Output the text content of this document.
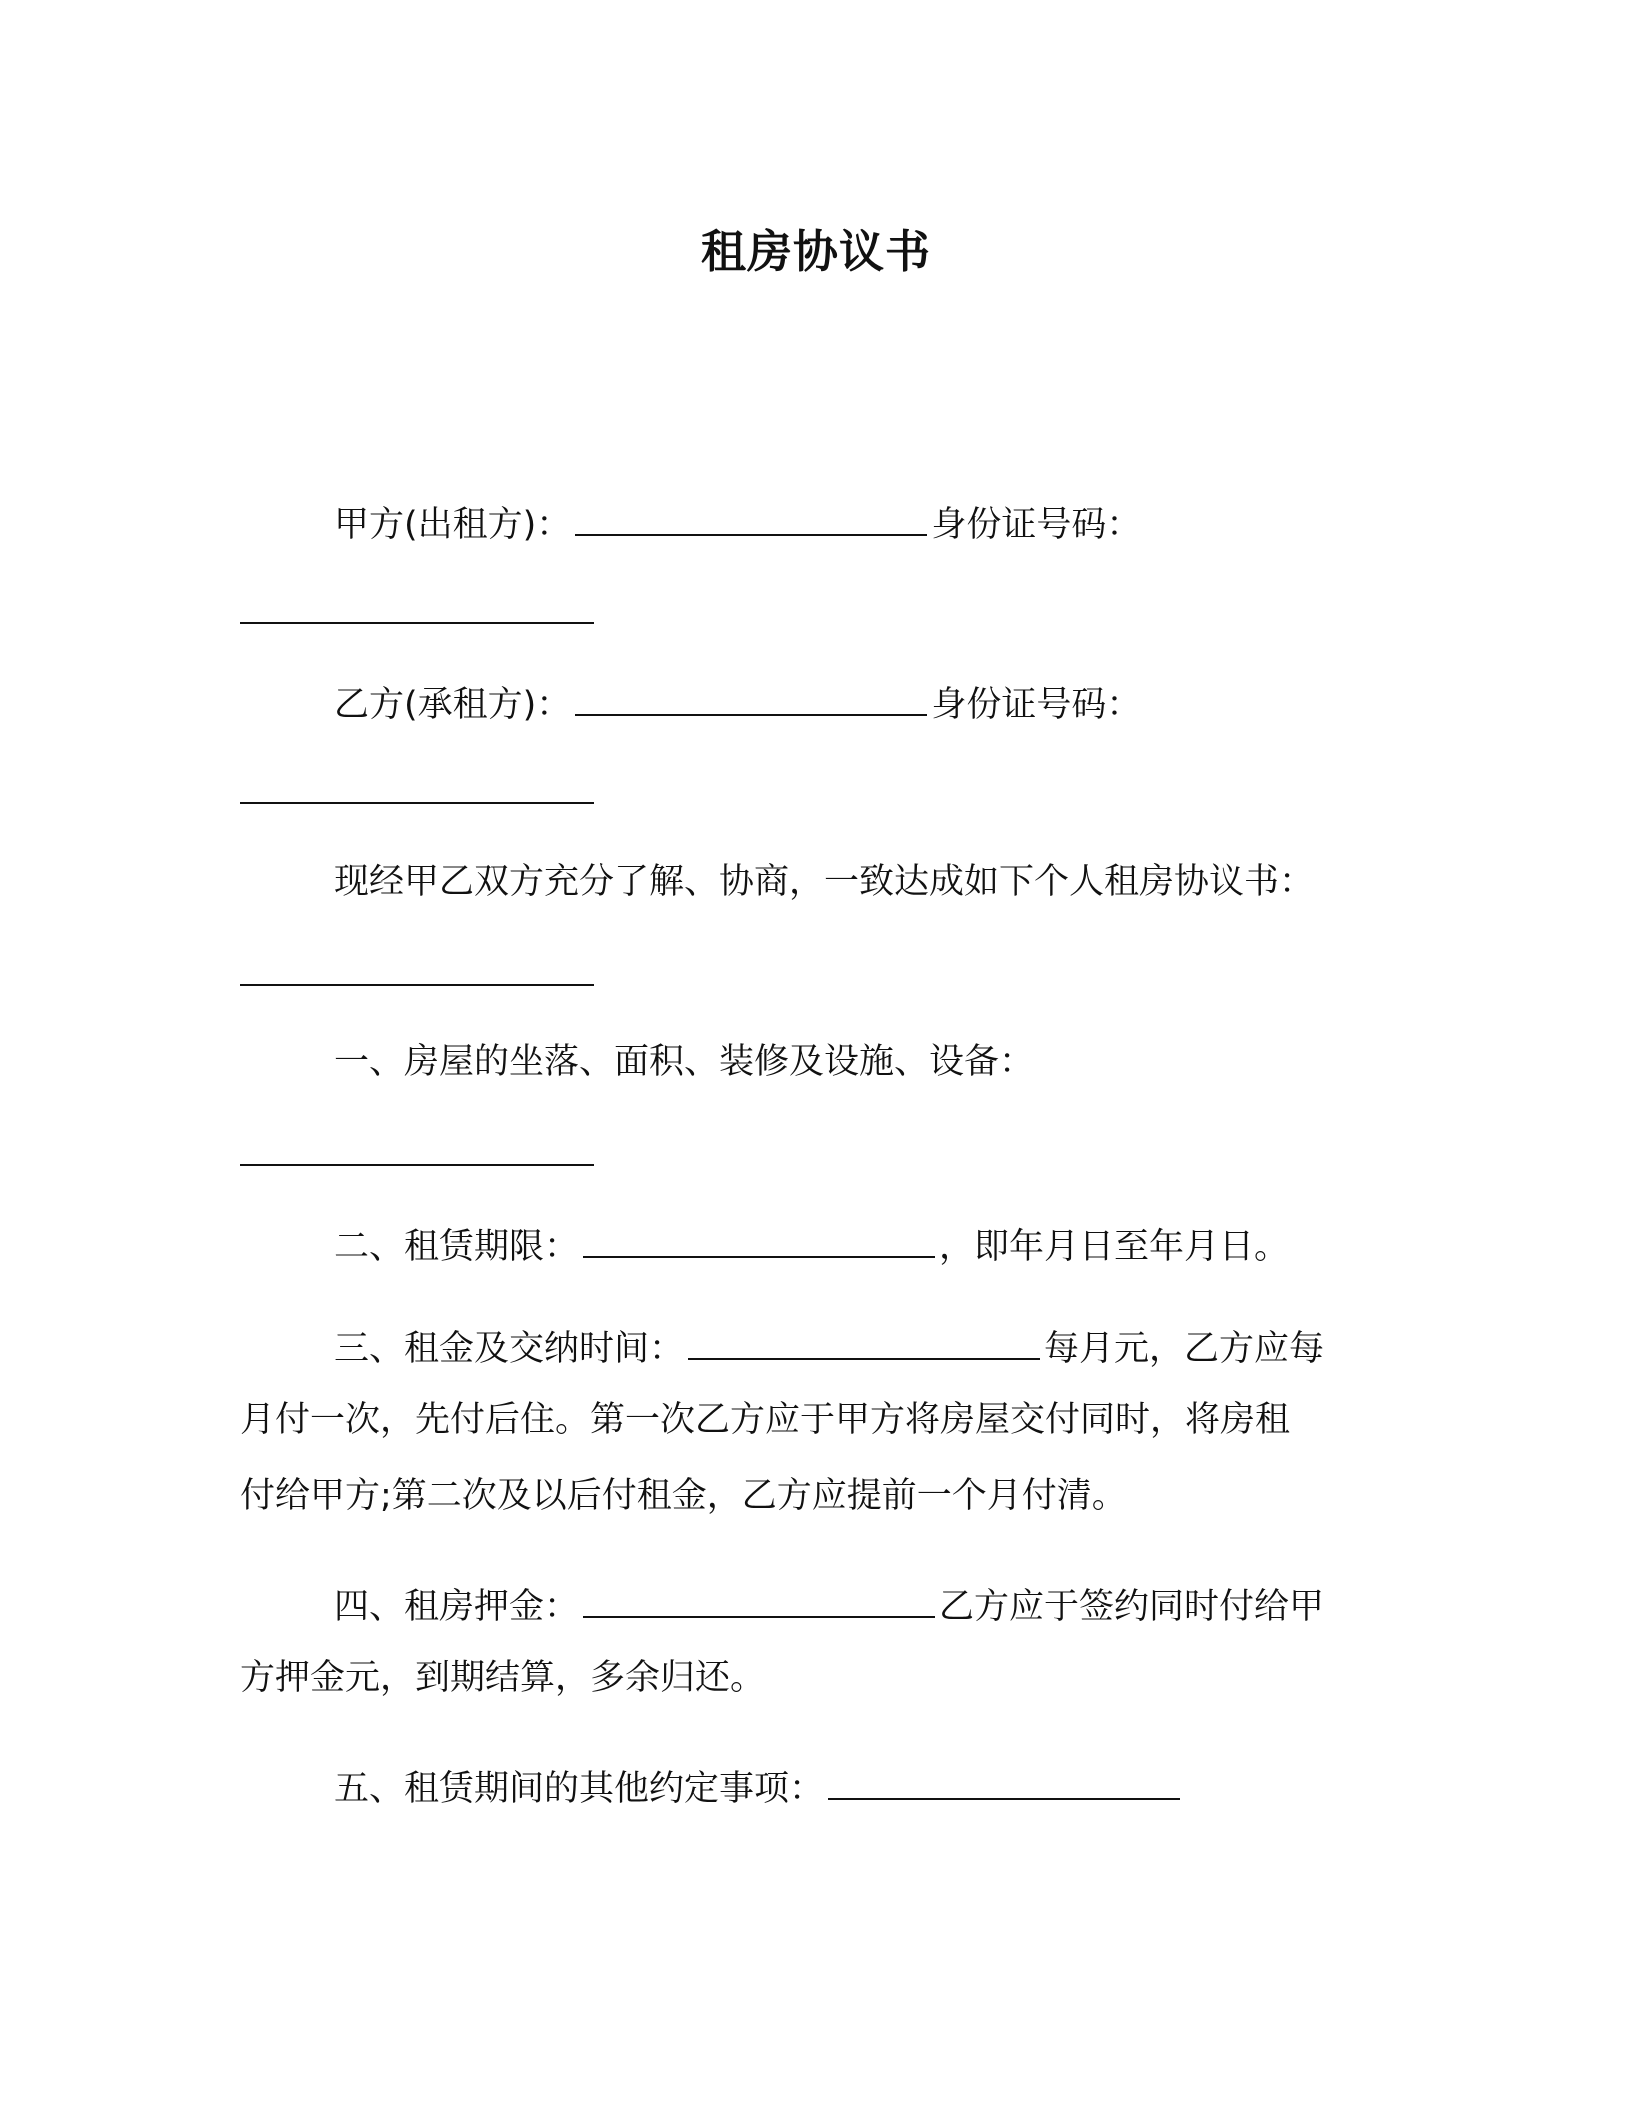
租房协议书
甲方(出租方)：	身份证号码：
乙方(承租方)：	身份证号码：
现经甲乙双方充分了解、协商，一致达成如下个人租房协议书：
一、房屋的坐落、面积、装修及设施、设备：
二、租赁期限：	，即年月日至年月日。
三、租金及交纳时间：	每月元，乙方应每
月付一次，先付后住。第一次乙方应于甲方将房屋交付同时，将房租
付给甲方;第二次及以后付租金，乙方应提前一个月付清。
四、租房押金：	乙方应于签约同时付给甲
方押金元，到期结算，多余归还。
五、租赁期间的其他约定事项：
